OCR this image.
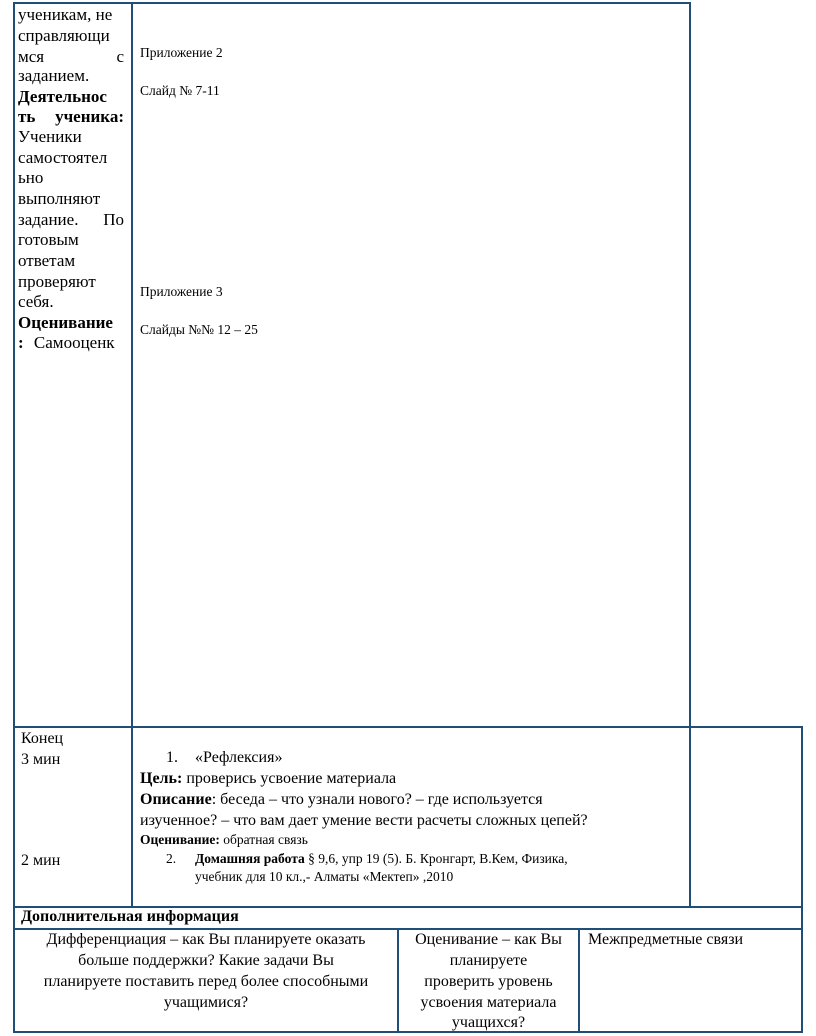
ученикам, не
справляющи
мся	с
заданием.
Деятельнос
ть ученика:
Ученики
самостоятел
ьно
выполняют
задание. По
готовым
ответам
проверяют
себя.
Оценивание
: Самооценк
Приложение 2
Слайд № 7-11
Приложение 3
Слайды №№ 12 – 25
Конец
3 мин
2 мин
1. «Рефлексия»
Цель: проверись усвоение материала
Описание: беседа – что узнали нового? – где используется
изученное? – что вам дает умение вести расчеты сложных цепей?
Оценивание: обратная связь
2. Домашняя работа § 9,6, упр 19 (5). Б. Кронгарт, В.Кем, Физика,
учебник для 10 кл.,- Алматы «Мектеп» ,2010
Дополнительная информация
Дифференциация – как Вы планируете оказать
больше поддержки? Какие задачи Вы
планируете поставить перед более способными
учащимися?
Оценивание – как Вы
планируете
проверить уровень
усвоения материала
учащихся?
Межпредметные связи
